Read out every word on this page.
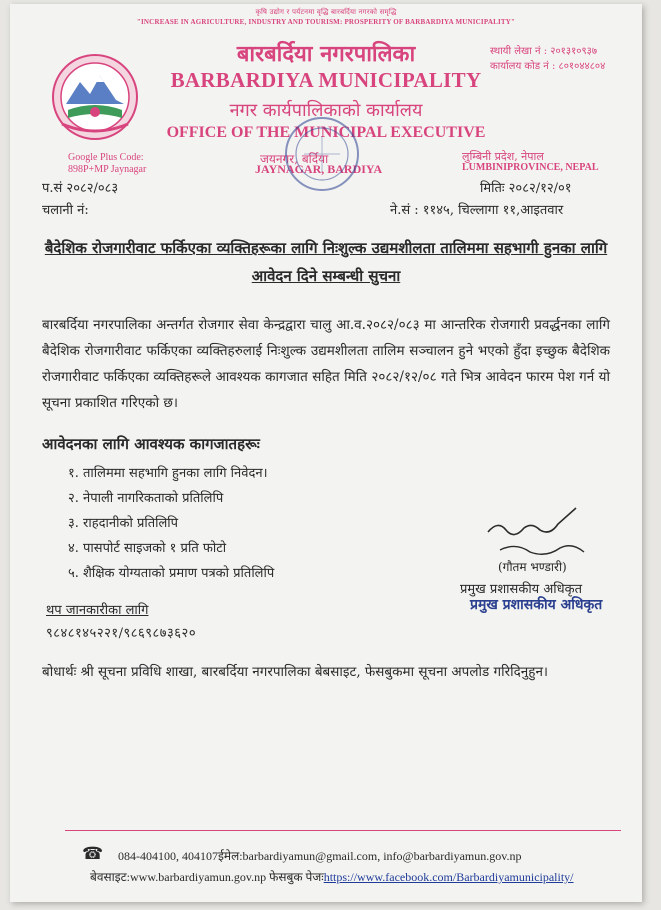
कृषि उद्योग र पर्यटनमा वृद्धि बारबर्दिया नगरको समृद्धि
"INCREASE IN AGRICULTURE, INDUSTRY AND TOURISM: PROSPERITY OF BARBARDIYA MUNICIPALITY"
बारबर्दिया नगरपालिका
BARBARDIYA MUNICIPALITY
नगर कार्यपालिकाको कार्यालय
OFFICE OF THE MUNICIPAL EXECUTIVE
जयनगर, बर्दिया
JAYNAGAR, BARDIYA
लुम्बिनी प्रदेश, नेपाल
LUMBINIPROVINCE, NEPAL
Google Plus Code:
898P+MP Jaynagar
स्थायी लेखा नं : २०१३१०९३७
कार्यालय कोड नं : ८०१०४४८०४
प.सं २०८२/०८३
चलानी नं:
मितिः २०८२/१२/०१
ने.सं : ११४५, चिल्लागा ११,आइतवार
बैदेशिक रोजगारीवाट फर्किएका व्यक्तिहरूका लागि निःशुल्क उद्यमशीलता तालिममा सहभागी हुनका लागि आवेदन दिने सम्बन्धी सुचना
बारबर्दिया नगरपालिका अन्तर्गत रोजगार सेवा केन्द्रद्वारा चालु आ.व.२०८२/०८३ मा आन्तरिक रोजगारी प्रवर्द्धनका लागि बैदेशिक रोजगारीवाट फर्किएका व्यक्तिहरुलाई निःशुल्क उद्यमशीलता तालिम सञ्चालन हुने भएको हुँदा इच्छुक बैदेशिक रोजगारीवाट फर्किएका व्यक्तिहरूले आवश्यक कागजात सहित मिति २०८२/१२/०८ गते भित्र आवेदन फारम पेश गर्न यो सूचना प्रकाशित गरिएको छ।
आवेदनका लागि आवश्यक कागजातहरूः
१. तालिममा सहभागि हुनका लागि निवेदन।
२. नेपाली नागरिकताको प्रतिलिपि
३. राहदानीको प्रतिलिपि
४. पासपोर्ट साइजको १ प्रति फोटो
५. शैक्षिक योग्यताको प्रमाण पत्रको प्रतिलिपि	(गौतम भण्डारी)
प्रमुख प्रशासकीय अधिकृत
प्रमुख प्रशासकीय अधिकृत
थप जानकारीका लागि
९८४८१४५२२१/९८६९८७३६२०
बोधार्थः श्री सूचना प्रविधि शाखा, बारबर्दिया नगरपालिका बेबसाइट, फेसबुकमा सूचना अपलोड गरिदिनुहुन।
☎ 084-404100, 404107ईमेल:barbardiyamun@gmail.com, info@barbardiyamun.gov.np
बेवसाइट:www.barbardiyamun.gov.np फेसबुक पेजःhttps://www.facebook.com/Barbardiyamunicipality/
